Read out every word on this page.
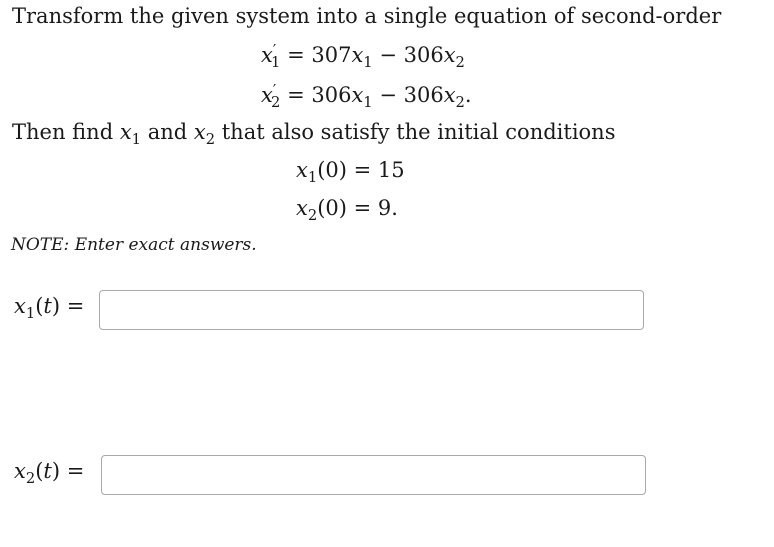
Transform the given system into a single equation of second-order
$x'_1 = 307x_1 - 306x_2$
$x'_2 = 306x_1 - 306x_2$.
Then find $x_1$ and $x_2$ that also satisfy the initial conditions
$x_1(0) = 15$
$x_2(0) = 9$.
NOTE: Enter exact answers.
$x_1(t)$ =
$x_2(t)$ =
